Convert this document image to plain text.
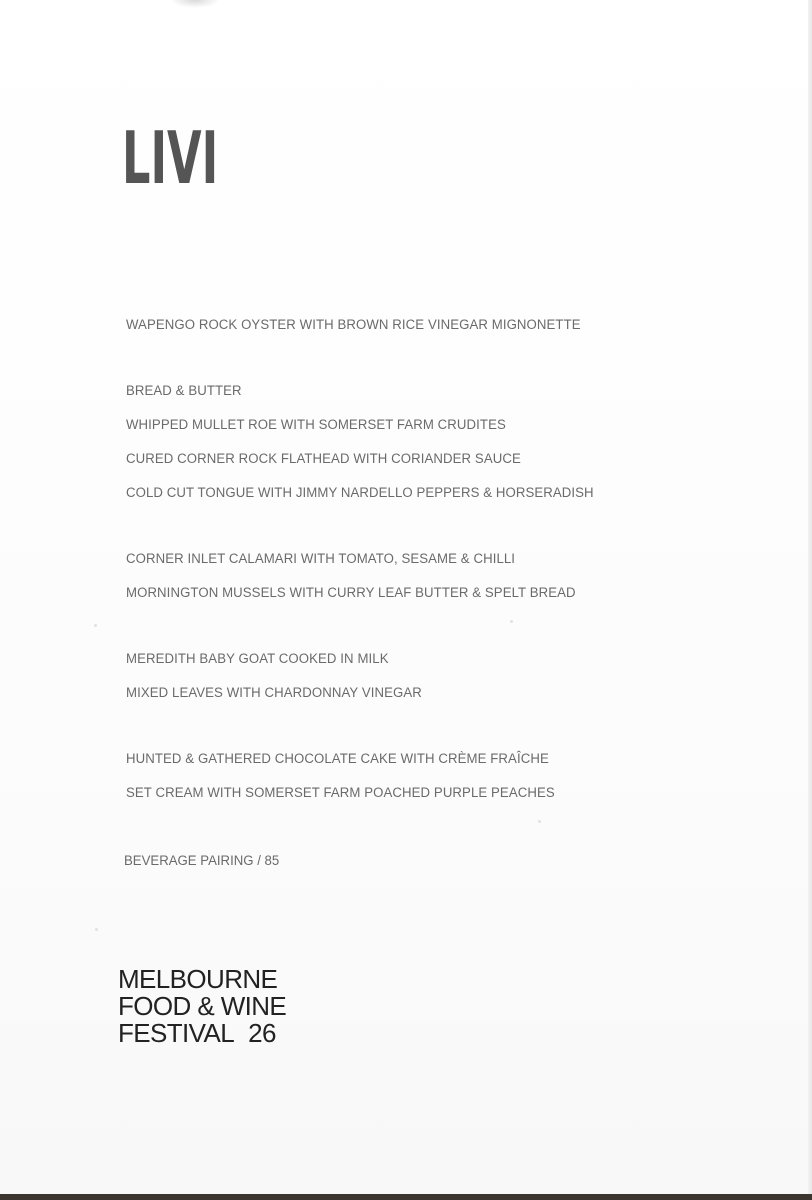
LIVI
WAPENGO ROCK OYSTER WITH BROWN RICE VINEGAR MIGNONETTE
BREAD & BUTTER
WHIPPED MULLET ROE WITH SOMERSET FARM CRUDITES
CURED CORNER ROCK FLATHEAD WITH CORIANDER SAUCE
COLD CUT TONGUE WITH JIMMY NARDELLO PEPPERS & HORSERADISH
CORNER INLET CALAMARI WITH TOMATO, SESAME & CHILLI
MORNINGTON MUSSELS WITH CURRY LEAF BUTTER & SPELT BREAD
MEREDITH BABY GOAT COOKED IN MILK
MIXED LEAVES WITH CHARDONNAY VINEGAR
HUNTED & GATHERED CHOCOLATE CAKE WITH CRÈME FRAÎCHE
SET CREAM WITH SOMERSET FARM POACHED PURPLE PEACHES
BEVERAGE PAIRING / 85
MELBOURNE
FOOD & WINE
FESTIVAL 26
